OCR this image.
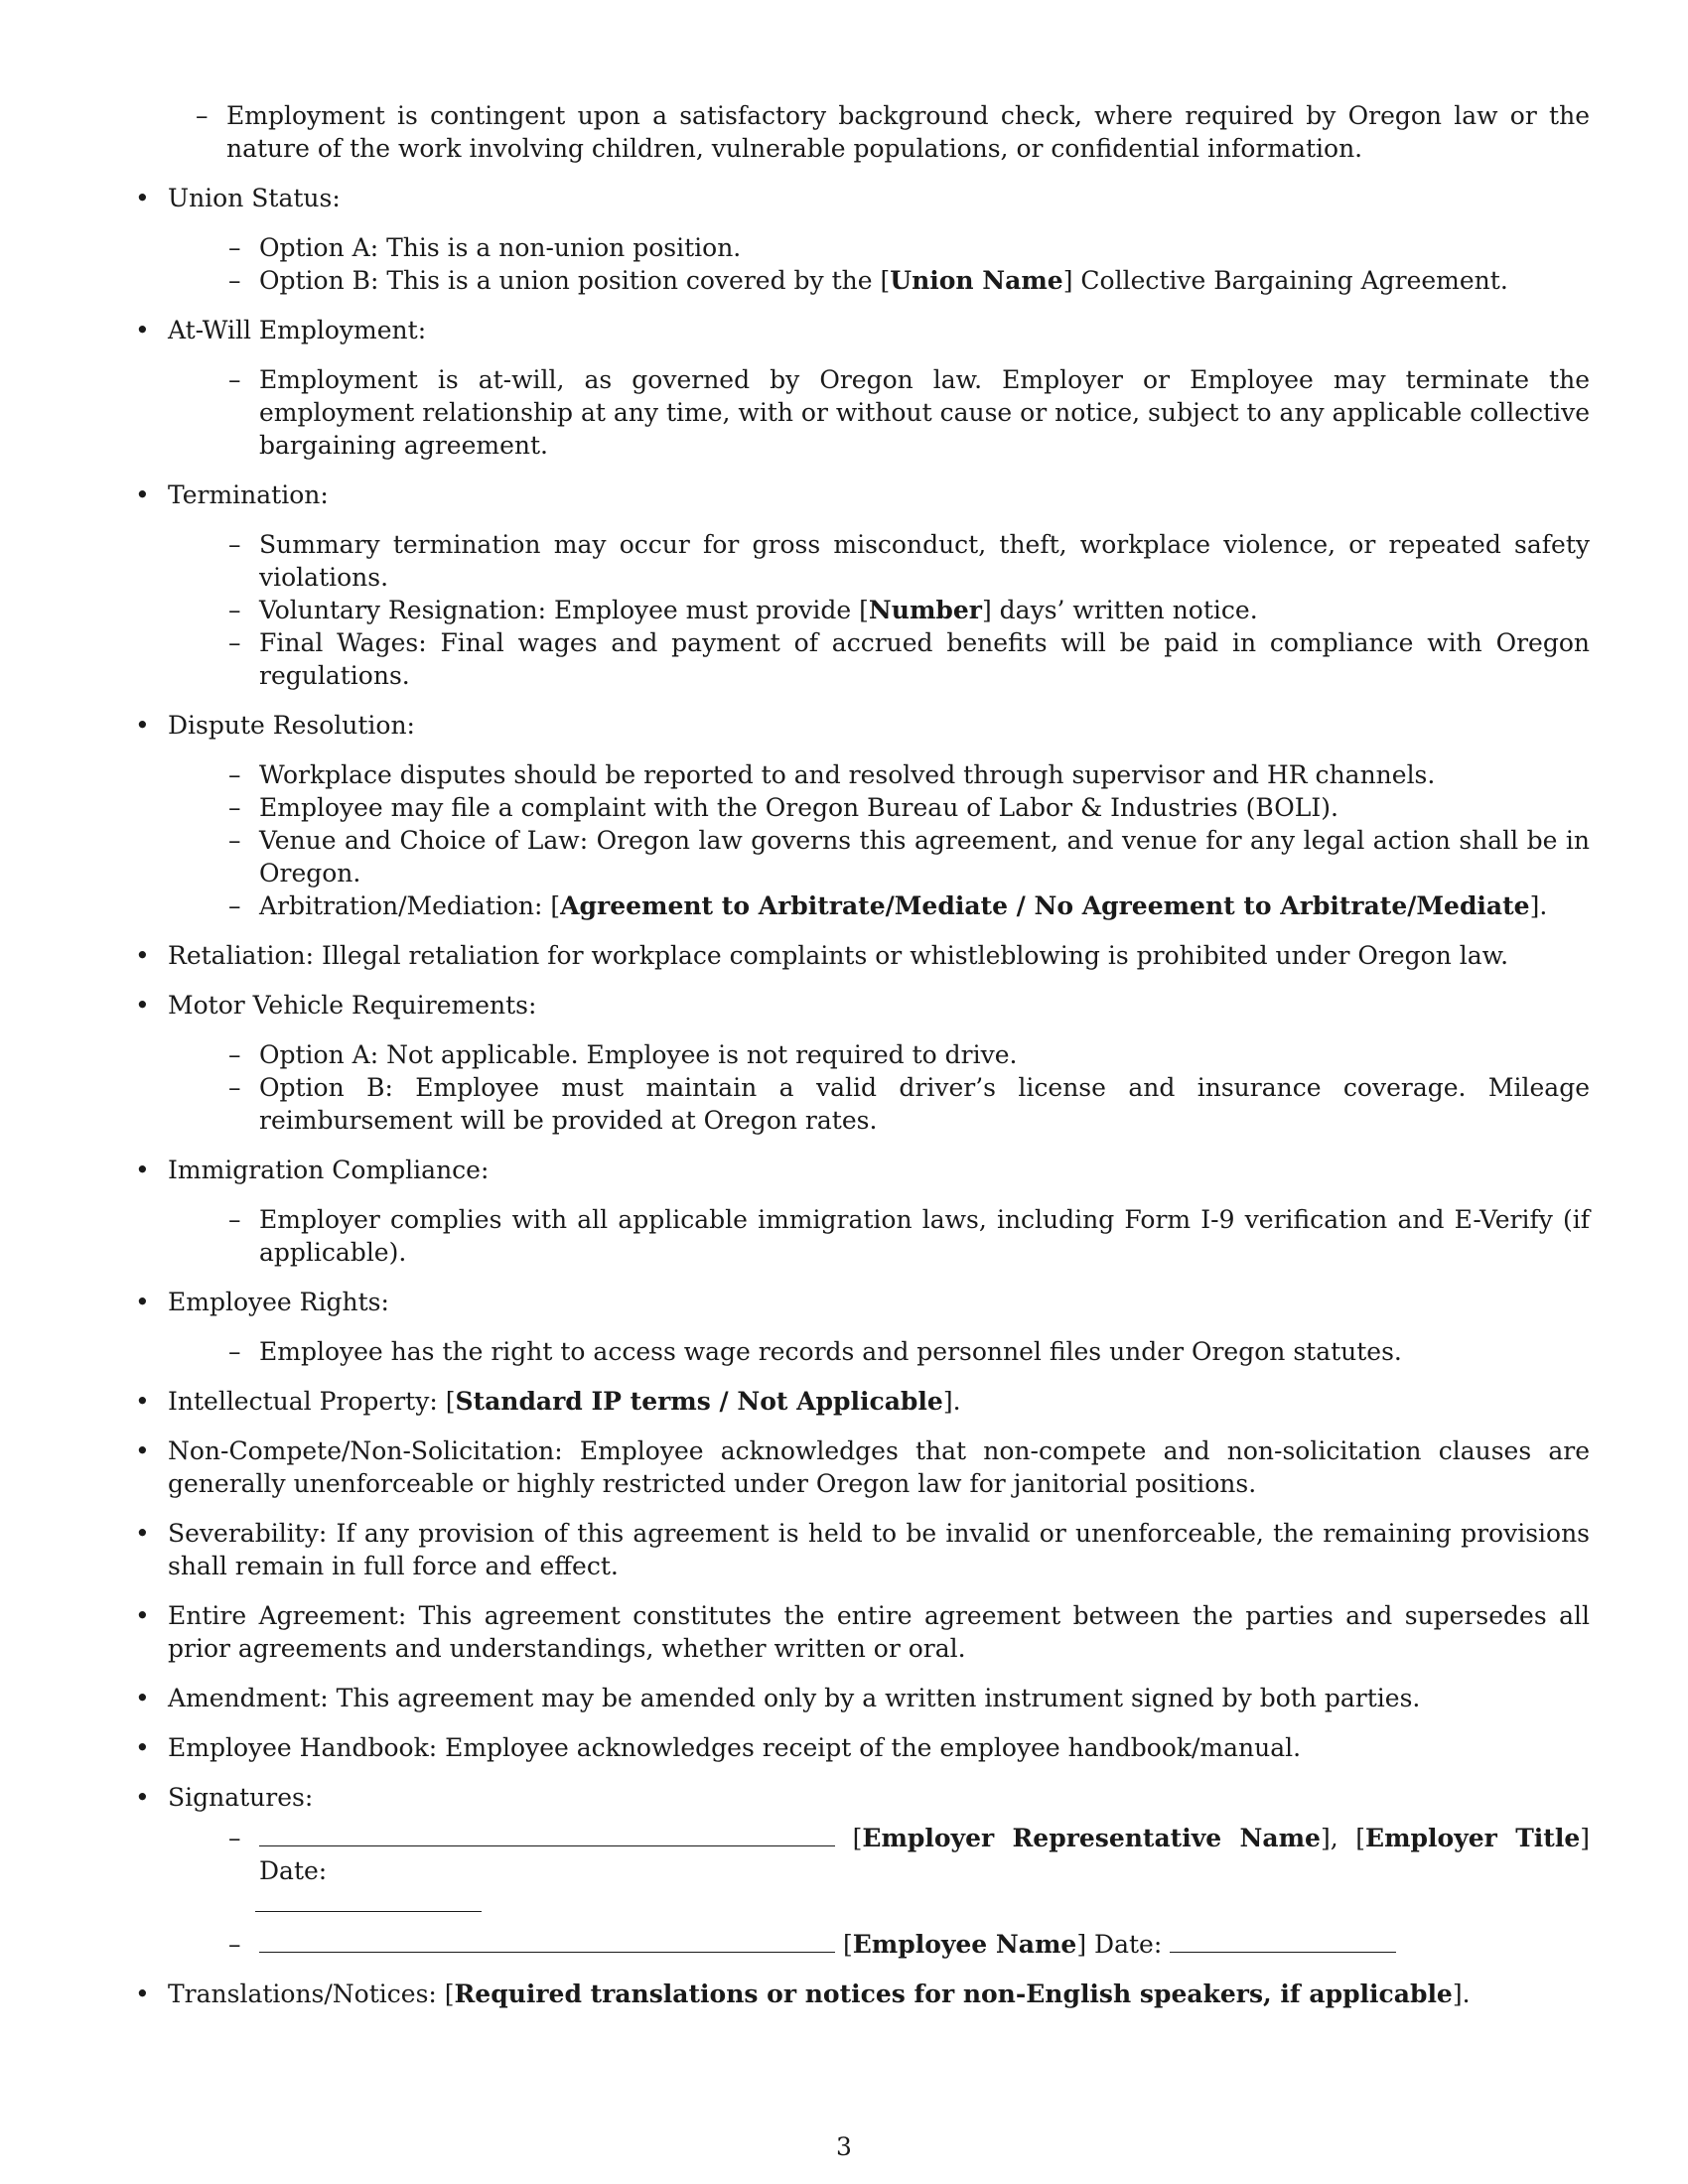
– Employment is contingent upon a satisfactory background check, where required by Oregon law or the nature of the work involving children, vulnerable populations, or confidential information.
• Union Status:
– Option A: This is a non-union position.
– Option B: This is a union position covered by the [Union Name] Collective Bargaining Agreement.
• At-Will Employment:
– Employment is at-will, as governed by Oregon law. Employer or Employee may terminate the employment relationship at any time, with or without cause or notice, subject to any applicable collective bargaining agreement.
• Termination:
– Summary termination may occur for gross misconduct, theft, workplace violence, or repeated safety violations.
– Voluntary Resignation: Employee must provide [Number] days’ written notice.
– Final Wages: Final wages and payment of accrued benefits will be paid in compliance with Oregon regulations.
• Dispute Resolution:
– Workplace disputes should be reported to and resolved through supervisor and HR channels.
– Employee may file a complaint with the Oregon Bureau of Labor & Industries (BOLI).
– Venue and Choice of Law: Oregon law governs this agreement, and venue for any legal action shall be in Oregon.
– Arbitration/Mediation: [Agreement to Arbitrate/Mediate / No Agreement to Arbitrate/Mediate].
• Retaliation: Illegal retaliation for workplace complaints or whistleblowing is prohibited under Oregon law.
• Motor Vehicle Requirements:
– Option A: Not applicable. Employee is not required to drive.
– Option B: Employee must maintain a valid driver’s license and insurance coverage. Mileage reimbursement will be provided at Oregon rates.
• Immigration Compliance:
– Employer complies with all applicable immigration laws, including Form I-9 verification and E-Verify (if applicable).
• Employee Rights:
– Employee has the right to access wage records and personnel files under Oregon statutes.
• Intellectual Property: [Standard IP terms / Not Applicable].
• Non-Compete/Non-Solicitation: Employee acknowledges that non-compete and non-solicitation clauses are generally unenforceable or highly restricted under Oregon law for janitorial positions.
• Severability: If any provision of this agreement is held to be invalid or unenforceable, the remaining provisions shall remain in full force and effect.
• Entire Agreement: This agreement constitutes the entire agreement between the parties and supersedes all prior agreements and understandings, whether written or oral.
• Amendment: This agreement may be amended only by a written instrument signed by both parties.
• Employee Handbook: Employee acknowledges receipt of the employee handbook/manual.
• Signatures:
– [Employer Representative Name], [Employer Title] Date:
– [Employee Name] Date:
• Translations/Notices: [Required translations or notices for non-English speakers, if applicable].
3
